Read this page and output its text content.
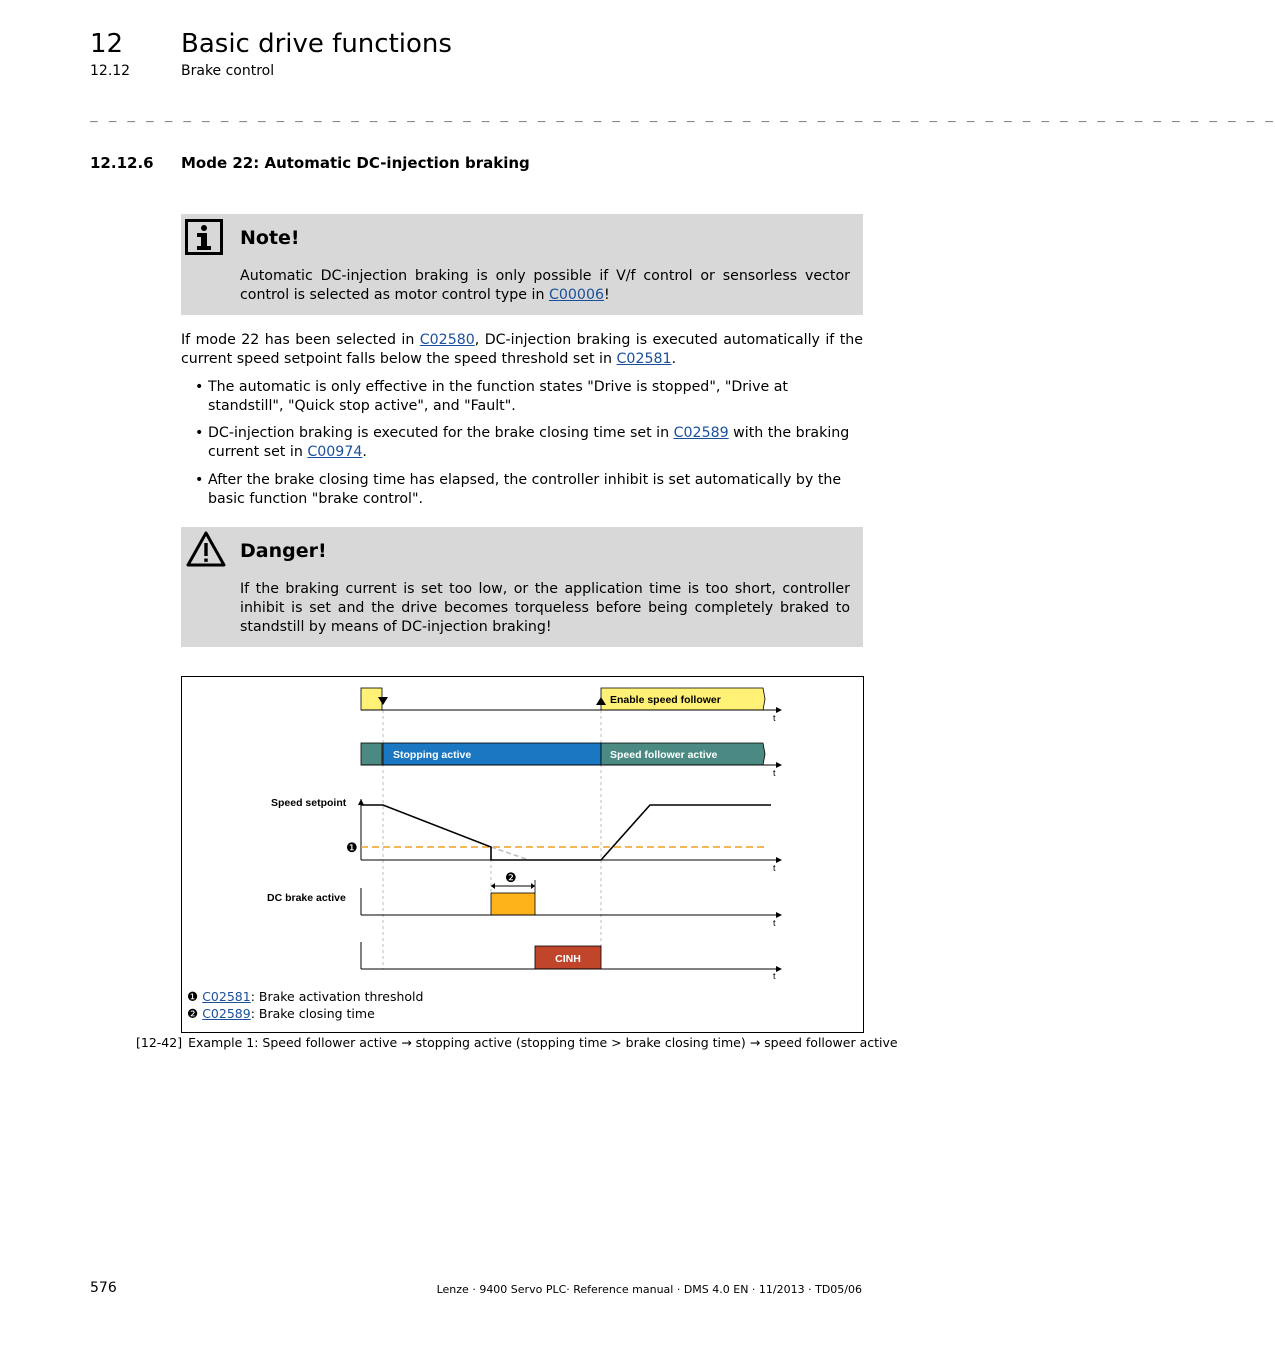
12 Basic drive functions
12.12	Brake control
_ _ _ _ _ _ _ _ _ _ _ _ _ _ _ _ _ _ _ _ _ _ _ _ _ _ _ _ _ _ _ _ _ _ _ _ _ _ _ _ _ _ _ _ _ _ _ _ _ _ _ _ _ _ _ _ _ _ _ _ _ _ _ _
12.12.6 Mode 22: Automatic DC-injection braking
Note!
Automatic DC-injection braking is only possible if V/f control or sensorless vector control is selected as motor control type in C00006!
If mode 22 has been selected in C02580, DC-injection braking is executed automatically if the current speed setpoint falls below the speed threshold set in C02581.
• The automatic is only effective in the function states "Drive is stopped", "Drive at standstill", "Quick stop active", and "Fault".
• DC-injection braking is executed for the brake closing time set in C02589 with the braking current set in C00974.
• After the brake closing time has elapsed, the controller inhibit is set automatically by the basic function "brake control".
Danger!
If the braking current is set too low, or the application time is too short, controller inhibit is set and the drive becomes torqueless before being completely braked to standstill by means of DC-injection braking!
Enable speed follower
t
Stopping active	Speed follower active
t
Speed setpoint
t
❶
DC brake active
❷
t
CINH
t
❶ C02581: Brake activation threshold
❷ C02589: Brake closing time
[12-42] Example 1: Speed follower active → stopping active (stopping time > brake closing time) → speed follower active
576	Lenze · 9400 Servo PLC· Reference manual · DMS 4.0 EN · 11/2013 · TD05/06
